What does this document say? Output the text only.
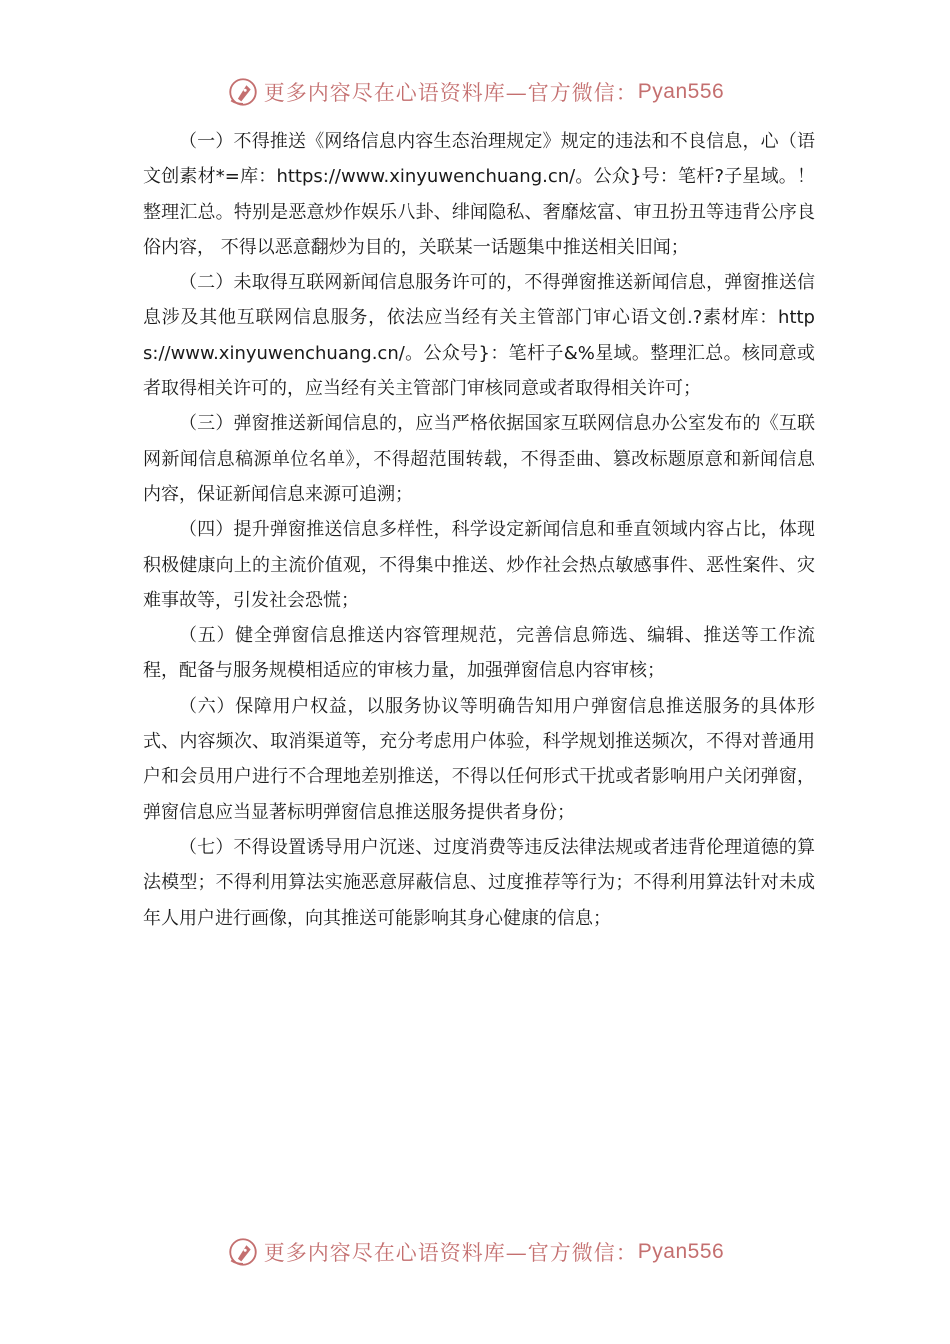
更多内容尽在心语资料库—官方微信： Pyan556

（一）不得推送《网络信息内容生态治理规定》规定的违法和不良信息，心（语文创素材*=库：https://www.xinyuwenchuang.cn/。公众}号：笔杆?子星域。！整理汇总。特别是恶意炒作娱乐八卦、绯闻隐私、奢靡炫富、审丑扮丑等违背公序良俗内容， 不得以恶意翻炒为目的，关联某一话题集中推送相关旧闻；

（二）未取得互联网新闻信息服务许可的，不得弹窗推送新闻信息，弹窗推送信息涉及其他互联网信息服务，依法应当经有关主管部门审心语文创.?素材库：https://www.xinyuwenchuang.cn/。公众号}：笔杆子&%星域。整理汇总。核同意或者取得相关许可的，应当经有关主管部门审核同意或者取得相关许可；

（三）弹窗推送新闻信息的，应当严格依据国家互联网信息办公室发布的《互联网新闻信息稿源单位名单》，不得超范围转载，不得歪曲、篡改标题原意和新闻信息内容，保证新闻信息来源可追溯；

（四）提升弹窗推送信息多样性，科学设定新闻信息和垂直领域内容占比，体现积极健康向上的主流价值观，不得集中推送、炒作社会热点敏感事件、恶性案件、灾难事故等，引发社会恐慌；

（五）健全弹窗信息推送内容管理规范，完善信息筛选、编辑、推送等工作流程，配备与服务规模相适应的审核力量，加强弹窗信息内容审核；

（六）保障用户权益，以服务协议等明确告知用户弹窗信息推送服务的具体形式、内容频次、取消渠道等，充分考虑用户体验，科学规划推送频次，不得对普通用户和会员用户进行不合理地差别推送，不得以任何形式干扰或者影响用户关闭弹窗，弹窗信息应当显著标明弹窗信息推送服务提供者身份；

（七）不得设置诱导用户沉迷、过度消费等违反法律法规或者违背伦理道德的算法模型；不得利用算法实施恶意屏蔽信息、过度推荐等行为；不得利用算法针对未成年人用户进行画像，向其推送可能影响其身心健康的信息；

更多内容尽在心语资料库—官方微信： Pyan556
